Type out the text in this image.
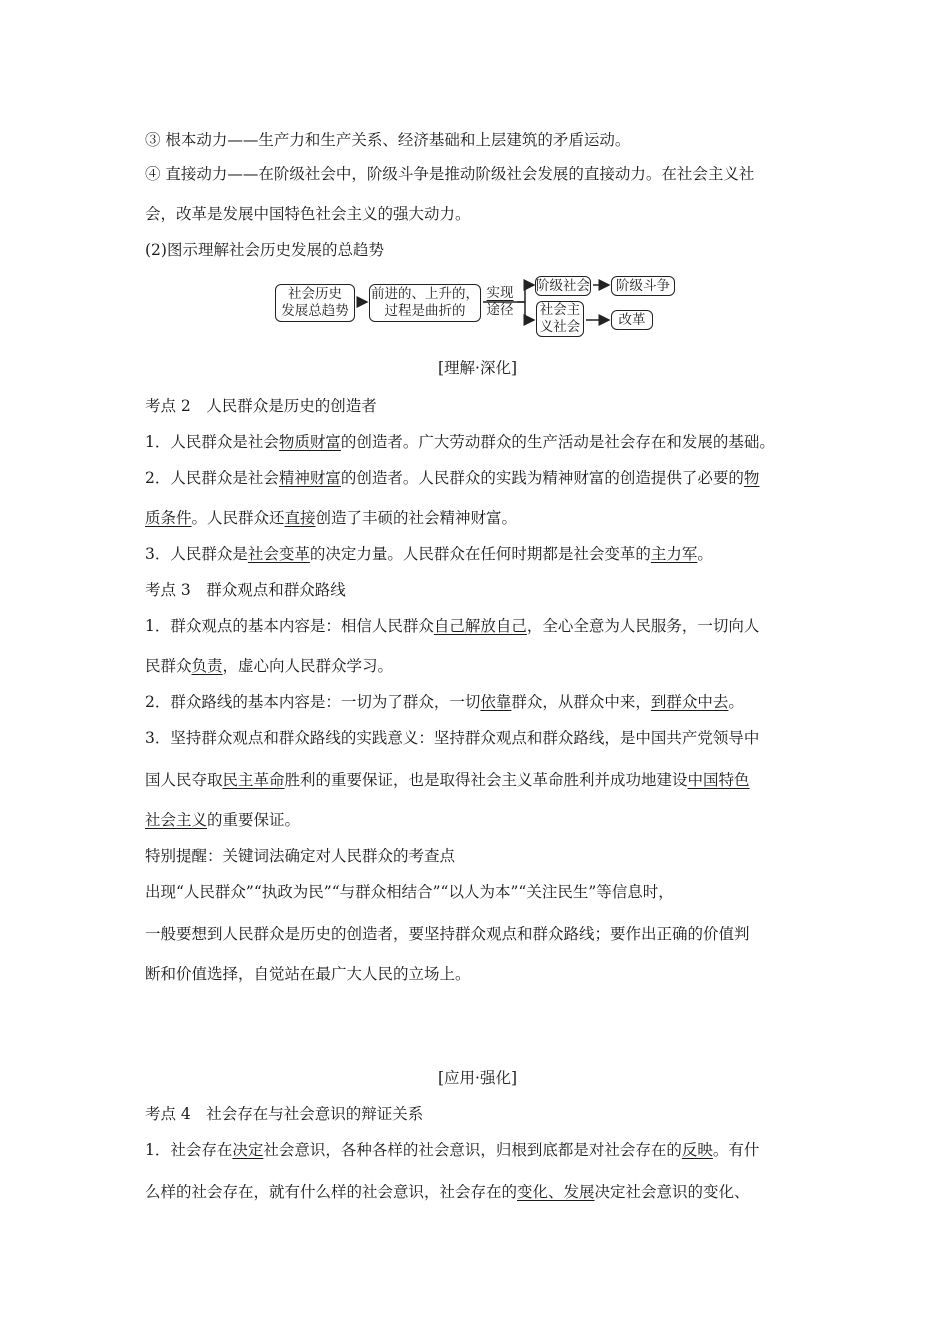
③ 根本动力——生产力和生产关系、经济基础和上层建筑的矛盾运动。
④ 直接动力——在阶级社会中，阶级斗争是推动阶级社会发展的直接动力。在社会主义社
会，改革是发展中国特色社会主义的强大动力。
(2)图示理解社会历史发展的总趋势
社会历史
发展总趋势
前进的、上升的，
过程是曲折的
实现
途径
阶级社会 阶级斗争
社会主
义社会	改革
[理解·深化]
考点 2　人民群众是历史的创造者
1．人民群众是社会物质财富的创造者。广大劳动群众的生产活动是社会存在和发展的基础。
2．人民群众是社会精神财富的创造者。人民群众的实践为精神财富的创造提供了必要的物
质条件。人民群众还直接创造了丰硕的社会精神财富。
3．人民群众是社会变革的决定力量。人民群众在任何时期都是社会变革的主力军。
考点 3　群众观点和群众路线
1．群众观点的基本内容是：相信人民群众自己解放自己，全心全意为人民服务，一切向人
民群众负责，虚心向人民群众学习。
2．群众路线的基本内容是：一切为了群众，一切依靠群众，从群众中来，到群众中去。
3．坚持群众观点和群众路线的实践意义：坚持群众观点和群众路线，是中国共产党领导中
国人民夺取民主革命胜利的重要保证，也是取得社会主义革命胜利并成功地建设中国特色
社会主义的重要保证。
特别提醒：关键词法确定对人民群众的考查点
出现“人民群众”“执政为民”“与群众相结合”“以人为本”“关注民生”等信息时，
一般要想到人民群众是历史的创造者，要坚持群众观点和群众路线；要作出正确的价值判
断和价值选择，自觉站在最广大人民的立场上。
[应用·强化]
考点 4　社会存在与社会意识的辩证关系
1．社会存在决定社会意识，各种各样的社会意识，归根到底都是对社会存在的反映。有什
么样的社会存在，就有什么样的社会意识，社会存在的变化、发展决定社会意识的变化、
